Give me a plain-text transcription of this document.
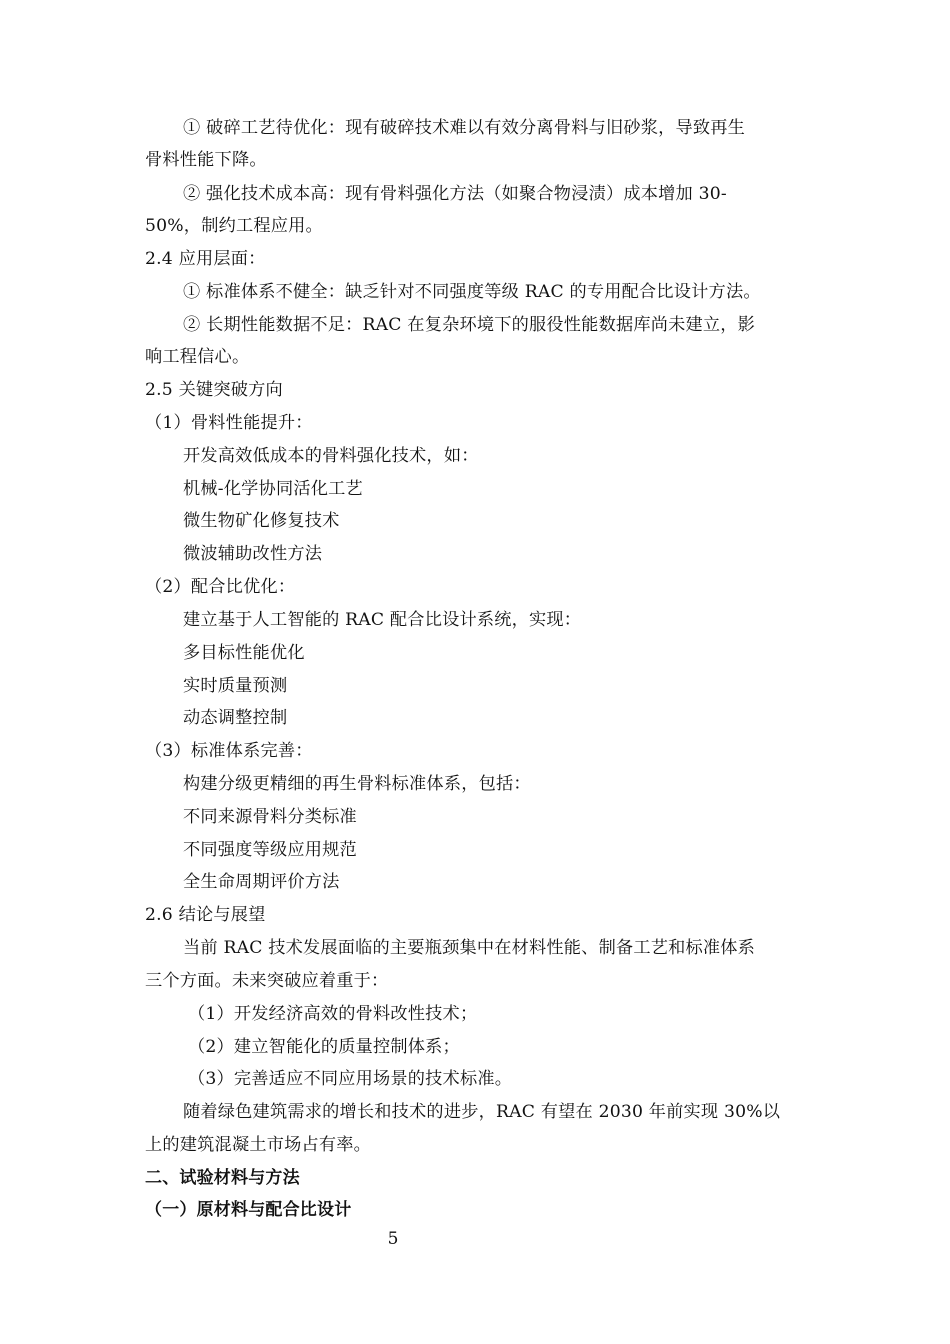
① 破碎工艺待优化：现有破碎技术难以有效分离骨料与旧砂浆，导致再生
骨料性能下降。
② 强化技术成本高：现有骨料强化方法（如聚合物浸渍）成本增加 30-
50%，制约工程应用。
2.4 应用层面：
① 标准体系不健全：缺乏针对不同强度等级 RAC 的专用配合比设计方法。
② 长期性能数据不足：RAC 在复杂环境下的服役性能数据库尚未建立，影
响工程信心。
2.5 关键突破方向
（1）骨料性能提升：
开发高效低成本的骨料强化技术，如：
机械-化学协同活化工艺
微生物矿化修复技术
微波辅助改性方法
（2）配合比优化：
建立基于人工智能的 RAC 配合比设计系统，实现：
多目标性能优化
实时质量预测
动态调整控制
（3）标准体系完善：
构建分级更精细的再生骨料标准体系，包括：
不同来源骨料分类标准
不同强度等级应用规范
全生命周期评价方法
2.6 结论与展望
当前 RAC 技术发展面临的主要瓶颈集中在材料性能、制备工艺和标准体系
三个方面。未来突破应着重于：
（1）开发经济高效的骨料改性技术；
（2）建立智能化的质量控制体系；
（3）完善适应不同应用场景的技术标准。
随着绿色建筑需求的增长和技术的进步，RAC 有望在 2030 年前实现 30%以
上的建筑混凝土市场占有率。
二、试验材料与方法
（一）原材料与配合比设计
5
